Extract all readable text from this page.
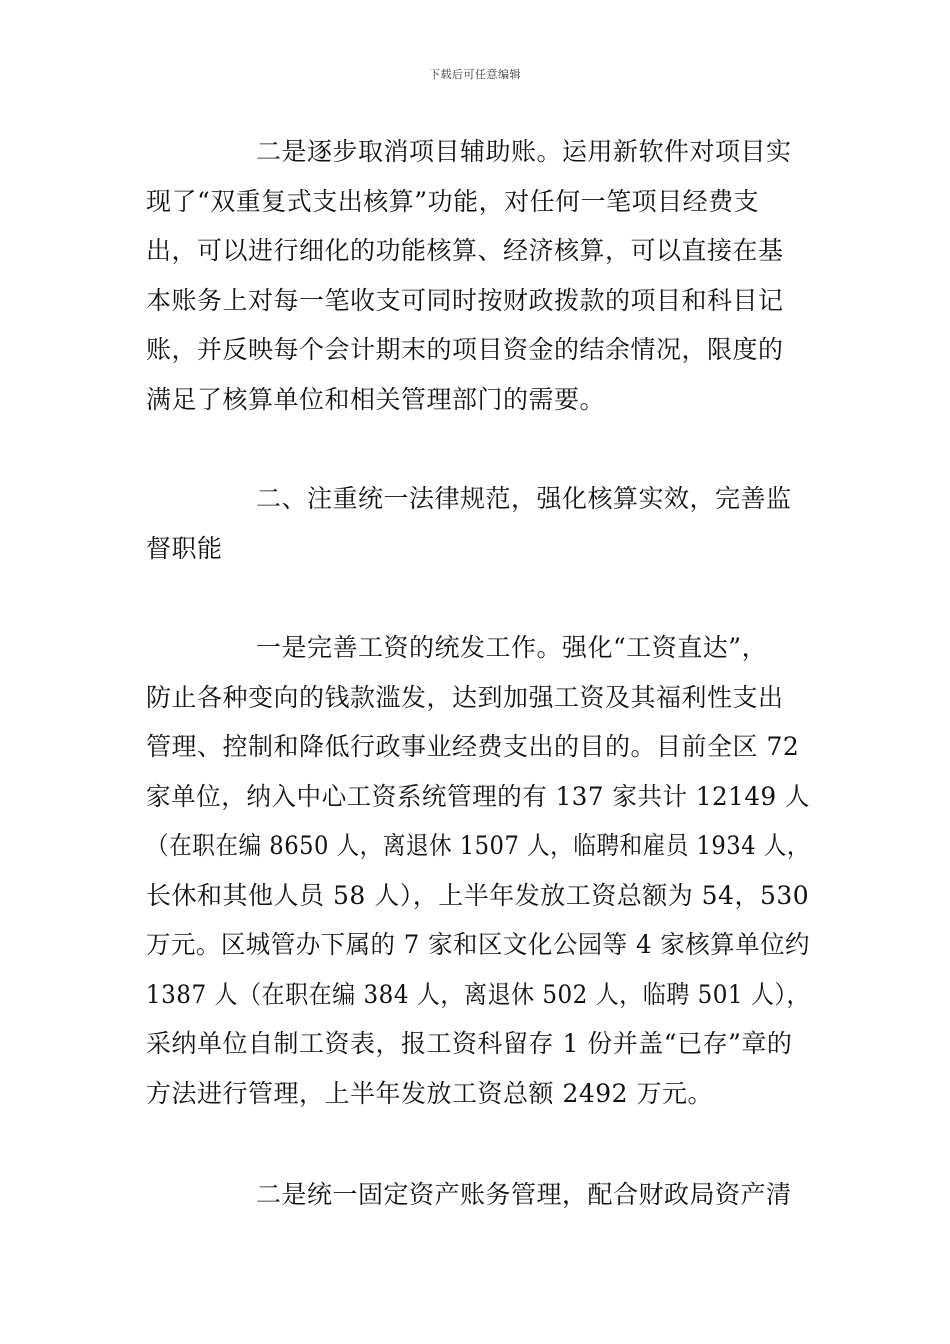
下载后可任意编辑
二是逐步取消项目辅助账。运用新软件对项目实
现了“双重复式支出核算”功能，对任何一笔项目经费支
出，可以进行细化的功能核算、经济核算，可以直接在基
本账务上对每一笔收支可同时按财政拨款的项目和科目记
账，并反映每个会计期末的项目资金的结余情况，限度的
满足了核算单位和相关管理部门的需要。
二、注重统一法律规范，强化核算实效，完善监
督职能
一是完善工资的统发工作。强化“工资直达”，
防止各种变向的钱款滥发，达到加强工资及其福利性支出
管理、控制和降低行政事业经费支出的目的。目前全区 72
家单位，纳入中心工资系统管理的有 137 家共计 12149 人
（在职在编 8650 人，离退休 1507 人，临聘和雇员 1934 人，
长休和其他人员 58 人），上半年发放工资总额为 54，530
万元。区城管办下属的 7 家和区文化公园等 4 家核算单位约
1387 人（在职在编 384 人，离退休 502 人，临聘 501 人），
采纳单位自制工资表，报工资科留存 1 份并盖“已存”章的
方法进行管理，上半年发放工资总额 2492 万元。
二是统一固定资产账务管理，配合财政局资产清
